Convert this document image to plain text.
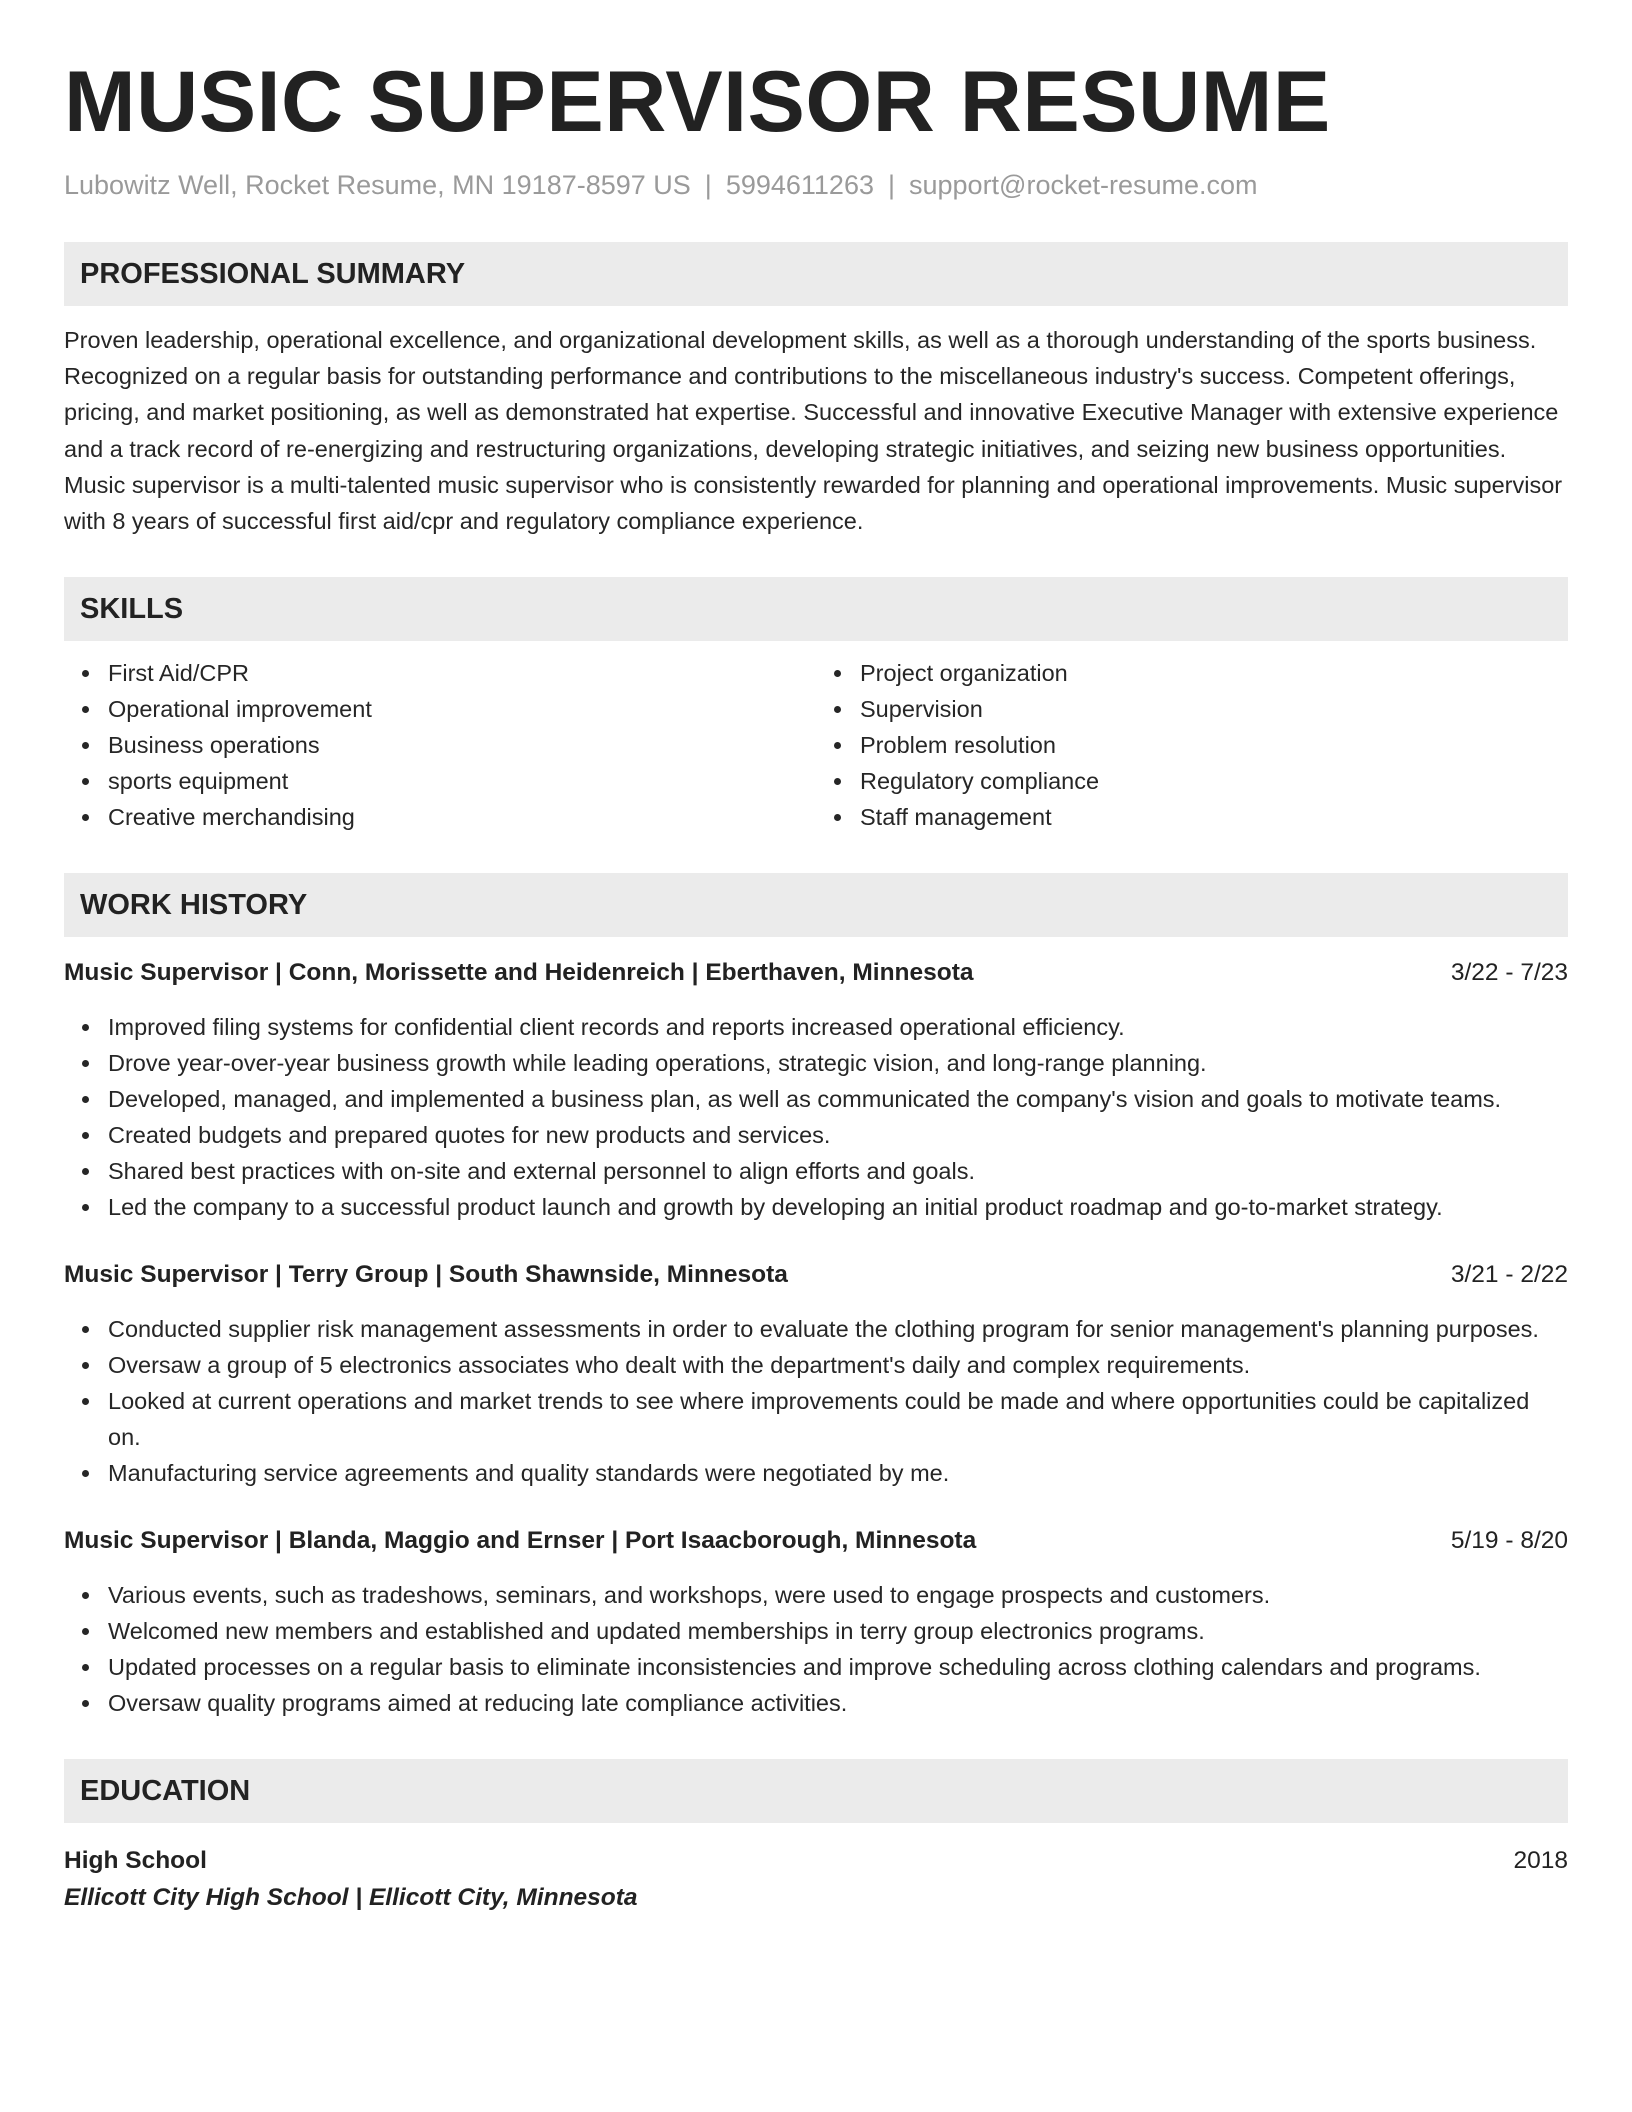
MUSIC SUPERVISOR RESUME
Lubowitz Well, Rocket Resume, MN 19187-8597 US | 5994611263 | support@rocket-resume.com
PROFESSIONAL SUMMARY

Proven leadership, operational excellence, and organizational development skills, as well as a thorough understanding of the sports business. Recognized on a regular basis for outstanding performance and contributions to the miscellaneous industry's success. Competent offerings, pricing, and market positioning, as well as demonstrated hat expertise. Successful and innovative Executive Manager with extensive experience and a track record of re-energizing and restructuring organizations, developing strategic initiatives, and seizing new business opportunities. Music supervisor is a multi-talented music supervisor who is consistently rewarded for planning and operational improvements. Music supervisor with 8 years of successful first aid/cpr and regulatory compliance experience.

SKILLS
First Aid/CPR
Operational improvement
Business operations
sports equipment
Creative merchandising
Project organization
Supervision
Problem resolution
Regulatory compliance
Staff management
WORK HISTORY
Music Supervisor | Conn, Morissette and Heidenreich | Eberthaven, Minnesota	3/22 - 7/23
Improved filing systems for confidential client records and reports increased operational efficiency.
Drove year-over-year business growth while leading operations, strategic vision, and long-range planning.
Developed, managed, and implemented a business plan, as well as communicated the company's vision and goals to motivate teams.
Created budgets and prepared quotes for new products and services.
Shared best practices with on-site and external personnel to align efforts and goals.
Led the company to a successful product launch and growth by developing an initial product roadmap and go-to-market strategy.
Music Supervisor | Terry Group | South Shawnside, Minnesota	3/21 - 2/22
Conducted supplier risk management assessments in order to evaluate the clothing program for senior management's planning purposes.
Oversaw a group of 5 electronics associates who dealt with the department's daily and complex requirements.
Looked at current operations and market trends to see where improvements could be made and where opportunities could be capitalized on.
Manufacturing service agreements and quality standards were negotiated by me.
Music Supervisor | Blanda, Maggio and Ernser | Port Isaacborough, Minnesota	5/19 - 8/20
Various events, such as tradeshows, seminars, and workshops, were used to engage prospects and customers.
Welcomed new members and established and updated memberships in terry group electronics programs.
Updated processes on a regular basis to eliminate inconsistencies and improve scheduling across clothing calendars and programs.
Oversaw quality programs aimed at reducing late compliance activities.
EDUCATION
High School	2018
Ellicott City High School | Ellicott City, Minnesota
